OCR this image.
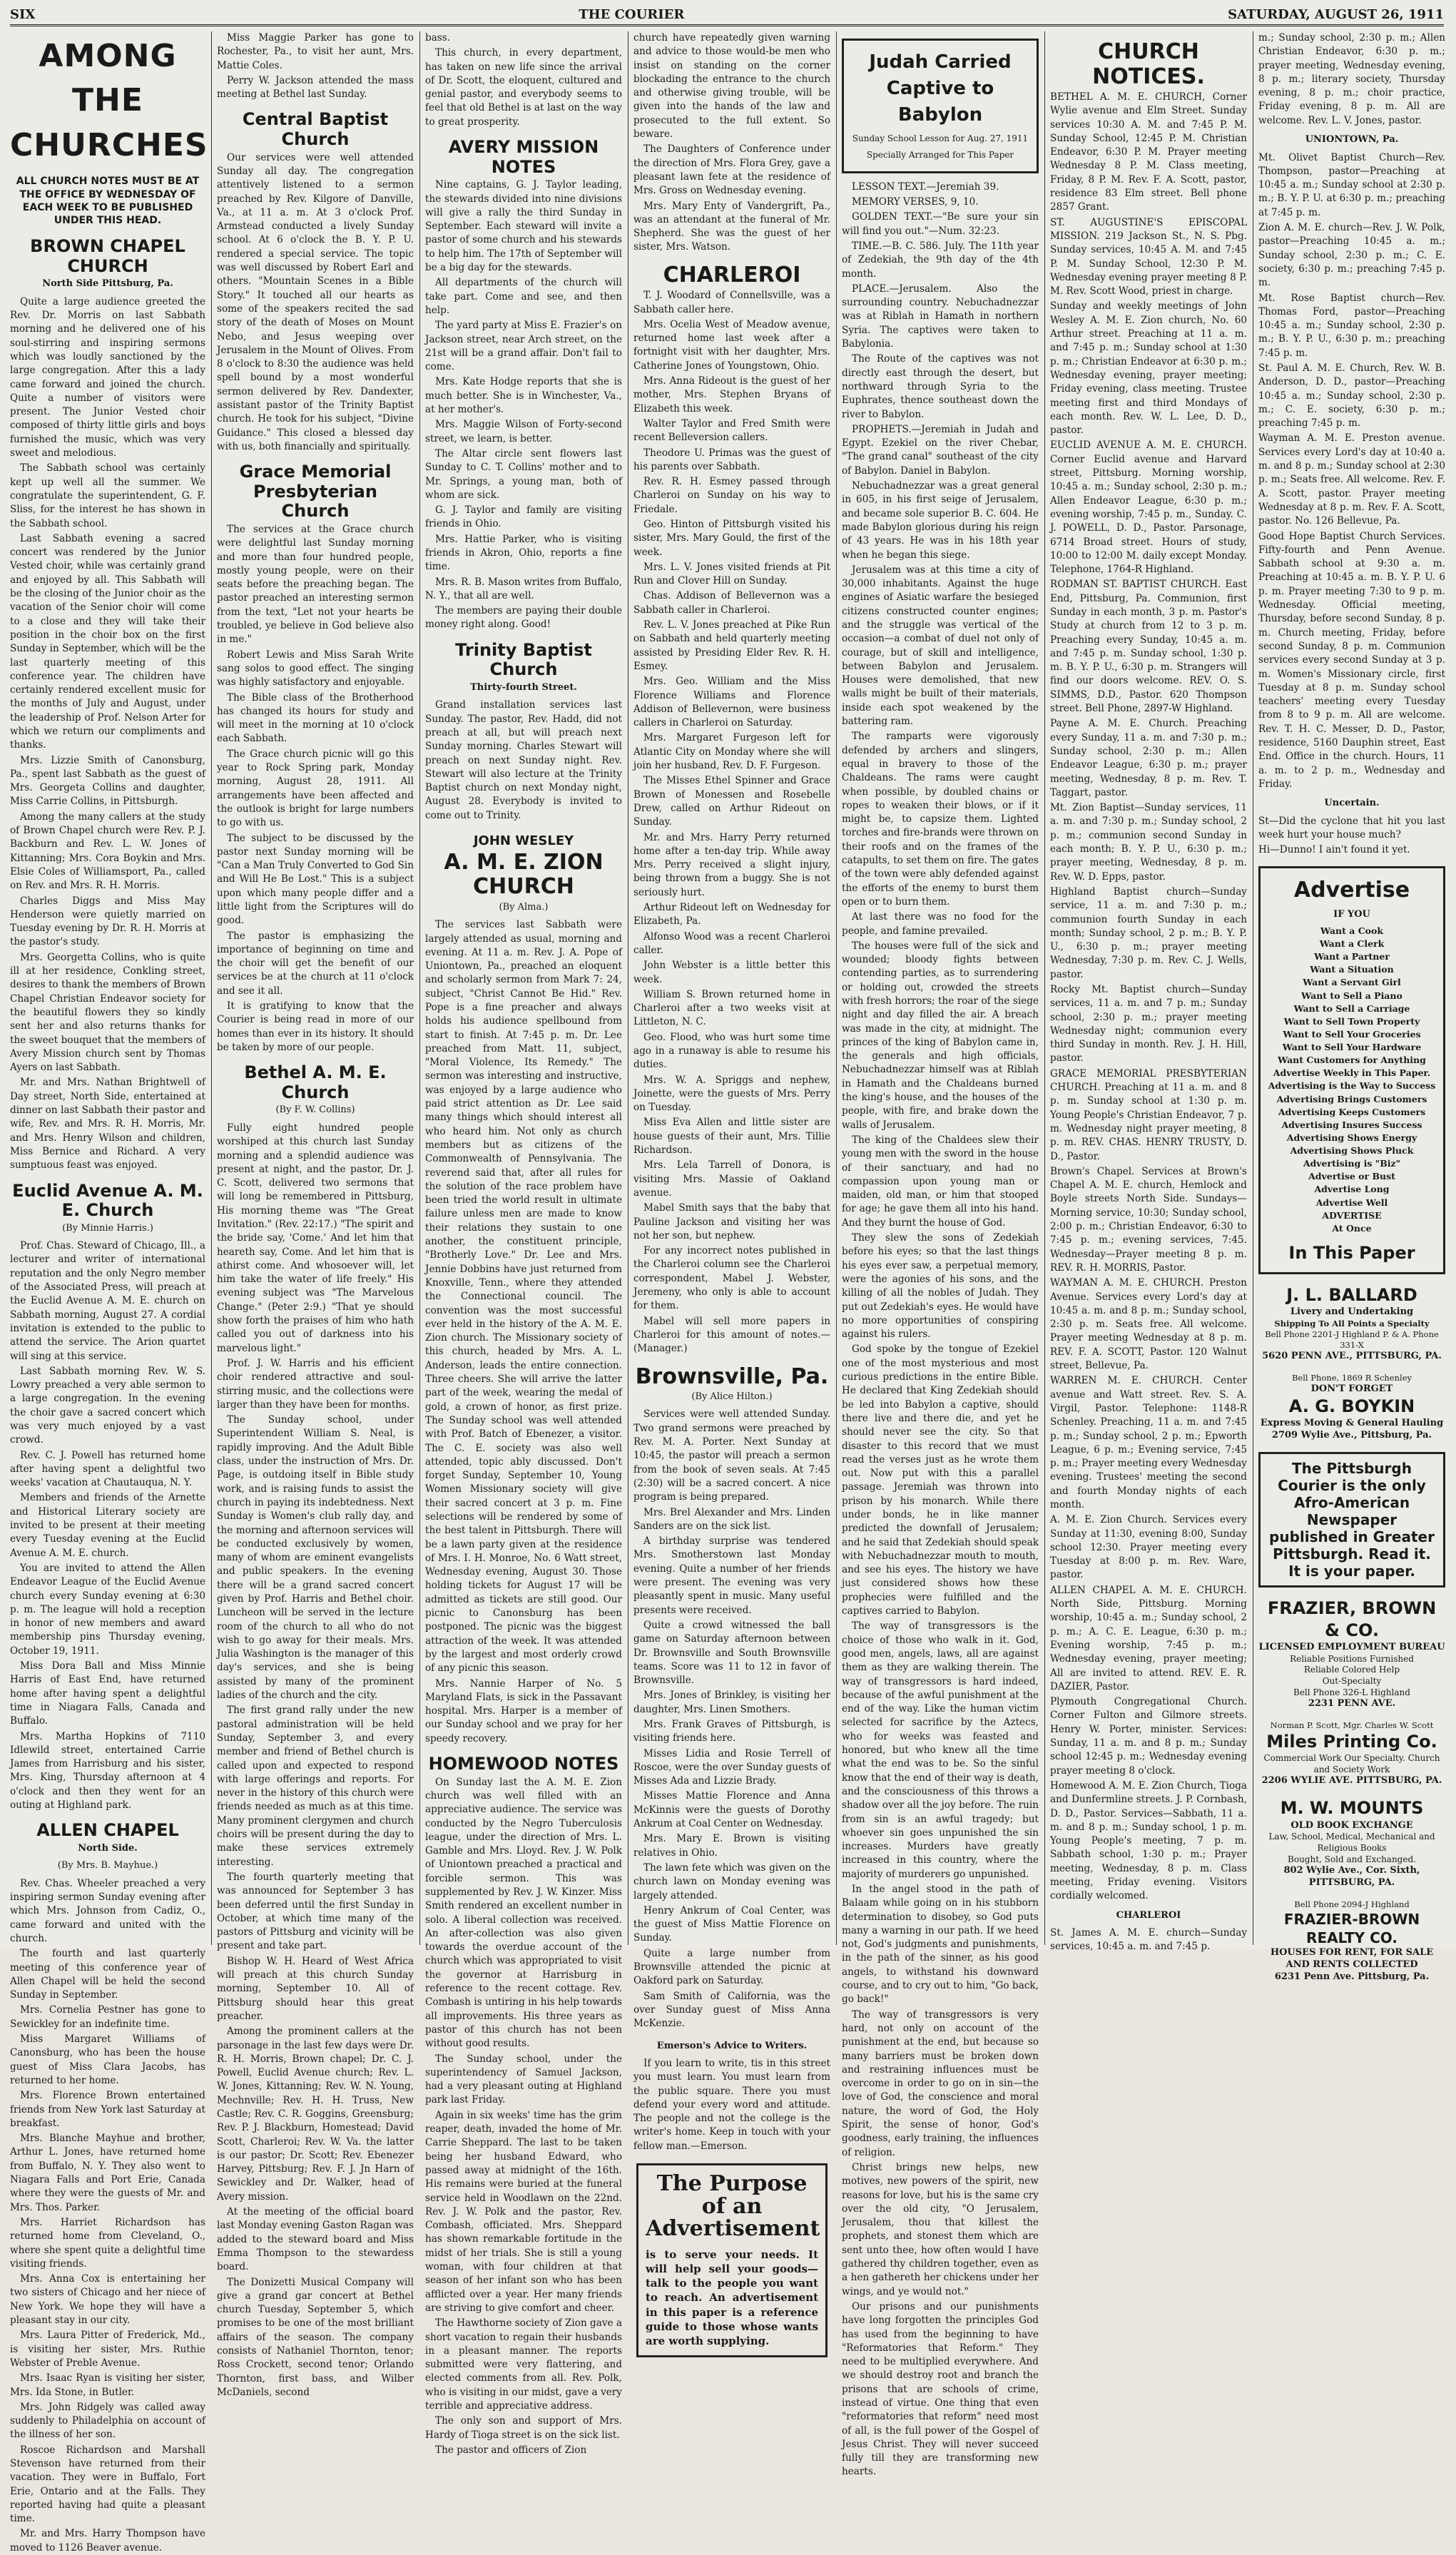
SIX	THE COURIER	SATURDAY, AUGUST 26, 1911
AMONG THE CHURCHES
ALL CHURCH NOTES MUST BE AT THE OFFICE BY WEDNESDAY OF EACH WEEK TO BE PUBLISHED UNDER THIS HEAD.
BROWN CHAPEL CHURCH
North Side Pittsburg, Pa.

Quite a large audience greeted the Rev. Dr. Morris on last Sabbath morning and he delivered one of his soul-stirring and inspiring sermons which was loudly sanctioned by the large congregation. After this a lady came forward and joined the church. Quite a number of visitors were present. The Junior Vested choir composed of thirty little girls and boys furnished the music, which was very sweet and melodious.

The Sabbath school was certainly kept up well all the summer. We congratulate the superintendent, G. F. Sliss, for the interest he has shown in the Sabbath school.

Last Sabbath evening a sacred concert was rendered by the Junior Vested choir, while was certainly grand and enjoyed by all. This Sabbath will be the closing of the Junior choir as the vacation of the Senior choir will come to a close and they will take their position in the choir box on the first Sunday in September, which will be the last quarterly meeting of this conference year. The children have certainly rendered excellent music for the months of July and August, under the leadership of Prof. Nelson Arter for which we return our compliments and thanks.

Mrs. Lizzie Smith of Canonsburg, Pa., spent last Sabbath as the guest of Mrs. Georgeta Collins and daughter, Miss Carrie Collins, in Pittsburgh.

Among the many callers at the study of Brown Chapel church were Rev. P. J. Backburn and Rev. L. W. Jones of Kittanning; Mrs. Cora Boykin and Mrs. Elsie Coles of Williamsport, Pa., called on Rev. and Mrs. R. H. Morris.

Charles Diggs and Miss May Henderson were quietly married on Tuesday evening by Dr. R. H. Morris at the pastor's study.

Mrs. Georgetta Collins, who is quite ill at her residence, Conkling street, desires to thank the members of Brown Chapel Christian Endeavor society for the beautiful flowers they so kindly sent her and also returns thanks for the sweet bouquet that the members of Avery Mission church sent by Thomas Ayers on last Sabbath.

Mr. and Mrs. Nathan Brightwell of Day street, North Side, entertained at dinner on last Sabbath their pastor and wife, Rev. and Mrs. R. H. Morris, Mr. and Mrs. Henry Wilson and children, Miss Bernice and Richard. A very sumptuous feast was enjoyed.

Euclid Avenue A. M. E. Church
(By Minnie Harris.)

Prof. Chas. Steward of Chicago, Ill., a lecturer and writer of international reputation and the only Negro member of the Associated Press, will preach at the Euclid Avenue A. M. E. church on Sabbath morning, August 27. A cordial invitation is extended to the public to attend the service. The Arion quartet will sing at this service.

Last Sabbath morning Rev. W. S. Lowry preached a very able sermon to a large congregation. In the evening the choir gave a sacred concert which was very much enjoyed by a vast crowd.

Rev. C. J. Powell has returned home after having spent a delightful two weeks' vacation at Chautauqua, N. Y.

Members and friends of the Arnette and Historical Literary society are invited to be present at their meeting every Tuesday evening at the Euclid Avenue A. M. E. church.

You are invited to attend the Allen Endeavor League of the Euclid Avenue church every Sunday evening at 6:30 p. m. The league will hold a reception in honor of new members and award membership pins Thursday evening, October 19, 1911.

Miss Dora Ball and Miss Minnie Harris of East End, have returned home after having spent a delightful time in Niagara Falls, Canada and Buffalo.

Mrs. Martha Hopkins of 7110 Idlewild street, entertained Carrie James from Harrisburg and his sister, Mrs. King, Thursday afternoon at 4 o'clock and then they went for an outing at Highland park.

ALLEN CHAPEL
North Side.
(By Mrs. B. Mayhue.)

Rev. Chas. Wheeler preached a very inspiring sermon Sunday evening after which Mrs. Johnson from Cadiz, O., came forward and united with the church.

The fourth and last quarterly meeting of this conference year of Allen Chapel will be held the second Sunday in September.

Mrs. Cornelia Pestner has gone to Sewickley for an indefinite time.

Miss Margaret Williams of Canonsburg, who has been the house guest of Miss Clara Jacobs, has returned to her home.

Mrs. Florence Brown entertained friends from New York last Saturday at breakfast.

Mrs. Blanche Mayhue and brother, Arthur L. Jones, have returned home from Buffalo, N. Y. They also went to Niagara Falls and Port Erie, Canada where they were the guests of Mr. and Mrs. Thos. Parker.

Mrs. Harriet Richardson has returned home from Cleveland, O., where she spent quite a delightful time visiting friends.

Mrs. Anna Cox is entertaining her two sisters of Chicago and her niece of New York. We hope they will have a pleasant stay in our city.

Mrs. Laura Pitter of Frederick, Md., is visiting her sister, Mrs. Ruthie Webster of Preble Avenue.

Mrs. Isaac Ryan is visiting her sister, Mrs. Ida Stone, in Butler.

Mrs. John Ridgely was called away suddenly to Philadelphia on account of the illness of her son.

Roscoe Richardson and Marshall Stevenson have returned from their vacation. They were in Buffalo, Fort Erie, Ontario and at the Falls. They reported having had quite a pleasant time.

Mr. and Mrs. Harry Thompson have moved to 1126 Beaver avenue.

Miss Maggie Parker has gone to Rochester, Pa., to visit her aunt, Mrs. Mattie Coles.

Perry W. Jackson attended the mass meeting at Bethel last Sunday.

Central Baptist Church

Our services were well attended Sunday all day. The congregation attentively listened to a sermon preached by Rev. Kilgore of Danville, Va., at 11 a. m. At 3 o'clock Prof. Armstead conducted a lively Sunday school. At 6 o'clock the B. Y. P. U. rendered a special service. The topic was well discussed by Robert Earl and others. "Mountain Scenes in a Bible Story." It touched all our hearts as some of the speakers recited the sad story of the death of Moses on Mount Nebo, and Jesus weeping over Jerusalem in the Mount of Olives. From 8 o'clock to 8:30 the audience was held spell bound by a most wonderful sermon delivered by Rev. Dandexter, assistant pastor of the Trinity Baptist church. He took for his subject, "Divine Guidance." This closed a blessed day with us, both financially and spiritually.

Grace Memorial Presbyterian Church

The services at the Grace church were delightful last Sunday morning and more than four hundred people, mostly young people, were on their seats before the preaching began. The pastor preached an interesting sermon from the text, "Let not your hearts be troubled, ye believe in God believe also in me."

Robert Lewis and Miss Sarah Write sang solos to good effect. The singing was highly satisfactory and enjoyable.

The Bible class of the Brotherhood has changed its hours for study and will meet in the morning at 10 o'clock each Sabbath.

The Grace church picnic will go this year to Rock Spring park, Monday morning, August 28, 1911. All arrangements have been affected and the outlook is bright for large numbers to go with us.

The subject to be discussed by the pastor next Sunday morning will be "Can a Man Truly Converted to God Sin and Will He Be Lost." This is a subject upon which many people differ and a little light from the Scriptures will do good.

The pastor is emphasizing the importance of beginning on time and the choir will get the benefit of our services be at the church at 11 o'clock and see it all.

It is gratifying to know that the Courier is being read in more of our homes than ever in its history. It should be taken by more of our people.

Bethel A. M. E. Church
(By F. W. Collins)

Fully eight hundred people worshiped at this church last Sunday morning and a splendid audience was present at night, and the pastor, Dr. J. C. Scott, delivered two sermons that will long be remembered in Pittsburg, His morning theme was "The Great Invitation." (Rev. 22:17.) "The spirit and the bride say, 'Come.' And let him that heareth say, Come. And let him that is athirst come. And whosoever will, let him take the water of life freely." His evening subject was "The Marvelous Change." (Peter 2:9.) "That ye should show forth the praises of him who hath called you out of darkness into his marvelous light."

Prof. J. W. Harris and his efficient choir rendered attractive and soul-stirring music, and the collections were larger than they have been for months.

The Sunday school, under Superintendent William S. Neal, is rapidly improving. And the Adult Bible class, under the instruction of Mrs. Dr. Page, is outdoing itself in Bible study work, and is raising funds to assist the church in paying its indebtedness. Next Sunday is Women's club rally day, and the morning and afternoon services will be conducted exclusively by women, many of whom are eminent evangelists and public speakers. In the evening there will be a grand sacred concert given by Prof. Harris and Bethel choir. Luncheon will be served in the lecture room of the church to all who do not wish to go away for their meals. Mrs. Julia Washington is the manager of this day's services, and she is being assisted by many of the prominent ladies of the church and the city.

The first grand rally under the new pastoral administration will be held Sunday, September 3, and every member and friend of Bethel church is called upon and expected to respond with large offerings and reports. For never in the history of this church were friends needed as much as at this time. Many prominent clergymen and church choirs will be present during the day to make these services extremely interesting.

The fourth quarterly meeting that was announced for September 3 has been deferred until the first Sunday in October, at which time many of the pastors of Pittsburg and vicinity will be present and take part.

Bishop W. H. Heard of West Africa will preach at this church Sunday morning, September 10. All of Pittsburg should hear this great preacher.

Among the prominent callers at the parsonage in the last few days were Dr. R. H. Morris, Brown chapel; Dr. C. J. Powell, Euclid Avenue church; Rev. L. W. Jones, Kittanning; Rev. W. N. Young, Mechnville; Rev. H. H. Truss, New Castle; Rev. C. R. Goggins, Greensburg; Rev. P. J. Blackburn, Homestead; David Scott, Charleroi; Rev. W. Va. the latter is our pastor; Dr. Scott; Rev. Ebenezer Harvey, Pittsburg; Rev. F. J. Jn Harn of Sewickley and Dr. Walker, head of Avery mission.

At the meeting of the official board last Monday evening Gaston Ragan was added to the steward board and Miss Emma Thompson to the stewardess board.

The Donizetti Musical Company will give a grand gar concert at Bethel church Tuesday, September 5, which promises to be one of the most brilliant affairs of the season. The company consists of Nathaniel Thornton, tenor; Ross Crockett, second tenor; Orlando Thornton, first bass, and Wilber McDaniels, second

bass.

This church, in every department, has taken on new life since the arrival of Dr. Scott, the eloquent, cultured and genial pastor, and everybody seems to feel that old Bethel is at last on the way to great prosperity.

AVERY MISSION NOTES

Nine captains, G. J. Taylor leading, the stewards divided into nine divisions will give a rally the third Sunday in September. Each steward will invite a pastor of some church and his stewards to help him. The 17th of September will be a big day for the stewards.

All departments of the church will take part. Come and see, and then help.

The yard party at Miss E. Frazier's on Jackson street, near Arch street, on the 21st will be a grand affair. Don't fail to come.

Mrs. Kate Hodge reports that she is much better. She is in Winchester, Va., at her mother's.

Mrs. Maggie Wilson of Forty-second street, we learn, is better.

The Altar circle sent flowers last Sunday to C. T. Collins' mother and to Mr. Springs, a young man, both of whom are sick.

G. J. Taylor and family are visiting friends in Ohio.

Mrs. Hattie Parker, who is visiting friends in Akron, Ohio, reports a fine time.

Mrs. R. B. Mason writes from Buffalo, N. Y., that all are well.

The members are paying their double money right along. Good!

Trinity Baptist Church
Thirty-fourth Street.

Grand installation services last Sunday. The pastor, Rev. Hadd, did not preach at all, but will preach next Sunday morning. Charles Stewart will preach on next Sunday night. Rev. Stewart will also lecture at the Trinity Baptist church on next Monday night, August 28. Everybody is invited to come out to Trinity.

JOHN WESLEY
A. M. E. ZION CHURCH
(By Alma.)

The services last Sabbath were largely attended as usual, morning and evening. At 11 a. m. Rev. J. A. Pope of Uniontown, Pa., preached an eloquent and scholarly sermon from Mark 7: 24, subject, "Christ Cannot Be Hid." Rev. Pope is a fine preacher and always holds his audience spellbound from start to finish. At 7:45 p. m. Dr. Lee preached from Matt. 11, subject, "Moral Violence, Its Remedy." The sermon was interesting and instructive, was enjoyed by a large audience who paid strict attention as Dr. Lee said many things which should interest all who heard him. Not only as church members but as citizens of the Commonwealth of Pennsylvania. The reverend said that, after all rules for the solution of the race problem have been tried the world result in ultimate failure unless men are made to know their relations they sustain to one another, the constituent principle, "Brotherly Love." Dr. Lee and Mrs. Jennie Dobbins have just returned from Knoxville, Tenn., where they attended the Connectional council. The convention was the most successful ever held in the history of the A. M. E. Zion church. The Missionary society of this church, headed by Mrs. A. L. Anderson, leads the entire connection. Three cheers. She will arrive the latter part of the week, wearing the medal of gold, a crown of honor, as first prize. The Sunday school was well attended with Prof. Batch of Ebenezer, a visitor. The C. E. society was also well attended, topic ably discussed. Don't forget Sunday, September 10, Young Women Missionary society will give their sacred concert at 3 p. m. Fine selections will be rendered by some of the best talent in Pittsburgh. There will be a lawn party given at the residence of Mrs. I. H. Monroe, No. 6 Watt street, Wednesday evening, August 30. Those holding tickets for August 17 will be admitted as tickets are still good. Our picnic to Canonsburg has been postponed. The picnic was the biggest attraction of the week. It was attended by the largest and most orderly crowd of any picnic this season.

Mrs. Nannie Harper of No. 5 Maryland Flats, is sick in the Passavant hospital. Mrs. Harper is a member of our Sunday school and we pray for her speedy recovery.

HOMEWOOD NOTES

On Sunday last the A. M. E. Zion church was well filled with an appreciative audience. The service was conducted by the Negro Tuberculosis league, under the direction of Mrs. L. Gamble and Mrs. Lloyd. Rev. J. W. Polk of Uniontown preached a practical and forcible sermon. This was supplemented by Rev. J. W. Kinzer. Miss Smith rendered an excellent number in solo. A liberal collection was received. An after-collection was also given towards the overdue account of the church which was appropriated to visit the governor at Harrisburg in reference to the recent cottage. Rev. Combash is untiring in his help towards all improvements. His three years as pastor of this church has not been without good results.

The Sunday school, under the superintendency of Samuel Jackson, had a very pleasant outing at Highland park last Friday.

Again in six weeks' time has the grim reaper, death, invaded the home of Mr. Carrie Sheppard. The last to be taken being her husband Edward, who passed away at midnight of the 16th. His remains were buried at the funeral service held in Woodlawn on the 22nd. Rev. J. W. Polk and the pastor, Rev. Combash, officiated. Mrs. Sheppard has shown remarkable fortitude in the midst of her trials. She is still a young woman, with four children at that season of her infant son who has been afflicted over a year. Her many friends are striving to give comfort and cheer.

The Hawthorne society of Zion gave a short vacation to regain their husbands in a pleasant manner. The reports submitted were very flattering, and elected comments from all. Rev. Polk, who is visiting in our midst, gave a very terrible and appreciative address.

The only son and support of Mrs. Hardy of Tioga street is on the sick list.

The pastor and officers of Zion

church have repeatedly given warning and advice to those would-be men who insist on standing on the corner blockading the entrance to the church and otherwise giving trouble, will be given into the hands of the law and prosecuted to the full extent. So beware.

The Daughters of Conference under the direction of Mrs. Flora Grey, gave a pleasant lawn fete at the residence of Mrs. Gross on Wednesday evening.

Mrs. Mary Enty of Vandergrift, Pa., was an attendant at the funeral of Mr. Shepherd. She was the guest of her sister, Mrs. Watson.

CHARLEROI

T. J. Woodard of Connellsville, was a Sabbath caller here.

Mrs. Ocelia West of Meadow avenue, returned home last week after a fortnight visit with her daughter, Mrs. Catherine Jones of Youngstown, Ohio.

Mrs. Anna Rideout is the guest of her mother, Mrs. Stephen Bryans of Elizabeth this week.

Walter Taylor and Fred Smith were recent Belleversion callers.

Theodore U. Primas was the guest of his parents over Sabbath.

Rev. R. H. Esmey passed through Charleroi on Sunday on his way to Friedale.

Geo. Hinton of Pittsburgh visited his sister, Mrs. Mary Gould, the first of the week.

Mrs. L. V. Jones visited friends at Pit Run and Clover Hill on Sunday.

Chas. Addison of Bellevernon was a Sabbath caller in Charleroi.

Rev. L. V. Jones preached at Pike Run on Sabbath and held quarterly meeting assisted by Presiding Elder Rev. R. H. Esmey.

Mrs. Geo. William and the Miss Florence Williams and Florence Addison of Bellevernon, were business callers in Charleroi on Saturday.

Mrs. Margaret Furgeson left for Atlantic City on Monday where she will join her husband, Rev. D. F. Furgeson.

The Misses Ethel Spinner and Grace Brown of Monessen and Rosebelle Drew, called on Arthur Rideout on Sunday.

Mr. and Mrs. Harry Perry returned home after a ten-day trip. While away Mrs. Perry received a slight injury, being thrown from a buggy. She is not seriously hurt.

Arthur Rideout left on Wednesday for Elizabeth, Pa.

Alfonso Wood was a recent Charleroi caller.

John Webster is a little better this week.

William S. Brown returned home in Charleroi after a two weeks visit at Littleton, N. C.

Geo. Flood, who was hurt some time ago in a runaway is able to resume his duties.

Mrs. W. A. Spriggs and nephew, Joinette, were the guests of Mrs. Perry on Tuesday.

Miss Eva Allen and little sister are house guests of their aunt, Mrs. Tillie Richardson.

Mrs. Lela Tarrell of Donora, is visiting Mrs. Massie of Oakland avenue.

Mabel Smith says that the baby that Pauline Jackson and visiting her was not her son, but nephew.

For any incorrect notes published in the Charleroi column see the Charleroi correspondent, Mabel J. Webster, Jeremeny, who only is able to account for them.

Mabel will sell more papers in Charleroi for this amount of notes.—(Manager.)

Brownsville, Pa.
(By Alice Hilton.)

Services were well attended Sunday. Two grand sermons were preached by Rev. M. A. Porter. Next Sunday at 10:45, the pastor will preach a sermon from the book of seven seals. At 7:45 (2:30) will be a sacred concert. A nice program is being prepared.

Mrs. Brel Alexander and Mrs. Linden Sanders are on the sick list.

A birthday surprise was tendered Mrs. Smotherstown last Monday evening. Quite a number of her friends were present. The evening was very pleasantly spent in music. Many useful presents were received.

Quite a crowd witnessed the ball game on Saturday afternoon between Dr. Brownsville and South Brownsville teams. Score was 11 to 12 in favor of Brownsville.

Mrs. Jones of Brinkley, is visiting her daughter, Mrs. Linen Smothers.

Mrs. Frank Graves of Pittsburgh, is visiting friends here.

Misses Lidia and Rosie Terrell of Roscoe, were the over Sunday guests of Misses Ada and Lizzie Brady.

Misses Mattie Florence and Anna McKinnis were the guests of Dorothy Ankrum at Coal Center on Wednesday.

Mrs. Mary E. Brown is visiting relatives in Ohio.

The lawn fete which was given on the church lawn on Monday evening was largely attended.

Henry Ankrum of Coal Center, was the guest of Miss Mattie Florence on Sunday.

Quite a large number from Brownsville attended the picnic at Oakford park on Saturday.

Sam Smith of California, was the over Sunday guest of Miss Anna McKenzie.

Emerson's Advice to Writers.

If you learn to write, tis in this street you must learn. You must learn from the public square. There you must defend your every word and attitude. The people and not the college is the writer's home. Keep in touch with your fellow man.—Emerson.

The Purpose of an Advertisement
is to serve your needs. It will help sell your goods—talk to the people you want to reach. An advertisement in this paper is a reference guide to those whose wants are worth supplying.
Judah Carried Captive to Babylon
Sunday School Lesson for Aug. 27, 1911
Specially Arranged for This Paper

LESSON TEXT.—Jeremiah 39.

MEMORY VERSES, 9, 10.

GOLDEN TEXT.—"Be sure your sin will find you out."—Num. 32:23.

TIME.—B. C. 586. July. The 11th year of Zedekiah, the 9th day of the 4th month.

PLACE.—Jerusalem. Also the surrounding country. Nebuchadnezzar was at Riblah in Hamath in northern Syria. The captives were taken to Babylonia.

The Route of the captives was not directly east through the desert, but northward through Syria to the Euphrates, thence southeast down the river to Babylon.

PROPHETS.—Jeremiah in Judah and Egypt. Ezekiel on the river Chebar, "The grand canal" southeast of the city of Babylon. Daniel in Babylon.

Nebuchadnezzar was a great general in 605, in his first seige of Jerusalem, and became sole superior B. C. 604. He made Babylon glorious during his reign of 43 years. He was in his 18th year when he began this siege.

Jerusalem was at this time a city of 30,000 inhabitants. Against the huge engines of Asiatic warfare the besieged citizens constructed counter engines; and the struggle was vertical of the occasion—a combat of duel not only of courage, but of skill and intelligence, between Babylon and Jerusalem. Houses were demolished, that new walls might be built of their materials, inside each spot weakened by the battering ram.

The ramparts were vigorously defended by archers and slingers, equal in bravery to those of the Chaldeans. The rams were caught when possible, by doubled chains or ropes to weaken their blows, or if it might be, to capsize them. Lighted torches and fire-brands were thrown on their roofs and on the frames of the catapults, to set them on fire. The gates of the town were ably defended against the efforts of the enemy to burst them open or to burn them.

At last there was no food for the people, and famine prevailed.

The houses were full of the sick and wounded; bloody fights between contending parties, as to surrendering or holding out, crowded the streets with fresh horrors; the roar of the siege night and day filled the air. A breach was made in the city, at midnight. The princes of the king of Babylon came in, the generals and high officials, Nebuchadnezzar himself was at Riblah in Hamath and the Chaldeans burned the king's house, and the houses of the people, with fire, and brake down the walls of Jerusalem.

The king of the Chaldees slew their young men with the sword in the house of their sanctuary, and had no compassion upon young man or maiden, old man, or him that stooped for age; he gave them all into his hand. And they burnt the house of God.

They slew the sons of Zedekiah before his eyes; so that the last things his eyes ever saw, a perpetual memory, were the agonies of his sons, and the killing of all the nobles of Judah. They put out Zedekiah's eyes. He would have no more opportunities of conspiring against his rulers.

God spoke by the tongue of Ezekiel one of the most mysterious and most curious predictions in the entire Bible. He declared that King Zedekiah should be led into Babylon a captive, should there live and there die, and yet he should never see the city. So that disaster to this record that we must read the verses just as he wrote them out. Now put with this a parallel passage. Jeremiah was thrown into prison by his monarch. While there under bonds, he in like manner predicted the downfall of Jerusalem; and he said that Zedekiah should speak with Nebuchadnezzar mouth to mouth, and see his eyes. The history we have just considered shows how these prophecies were fulfilled and the captives carried to Babylon.

The way of transgressors is the choice of those who walk in it. God, good men, angels, laws, all are against them as they are walking therein. The way of transgressors is hard indeed, because of the awful punishment at the end of the way. Like the human victim selected for sacrifice by the Aztecs, who for weeks was feasted and honored, but who knew all the time what the end was to be. So the sinful know that the end of their way is death, and the consciousness of this throws a shadow over all the joy before. The ruin from sin is an awful tragedy; but whoever sin goes unpunished the sin increases. Murders have greatly increased in this country, where the majority of murderers go unpunished.

In the angel stood in the path of Balaam while going on in his stubborn determination to disobey, so God puts many a warning in our path. If we heed not, God's judgments and punishments, in the path of the sinner, as his good angels, to withstand his downward course, and to cry out to him, "Go back, go back!"

The way of transgressors is very hard, not only on account of the punishment at the end, but because so many barriers must be broken down and restraining influences must be overcome in order to go on in sin—the love of God, the conscience and moral nature, the word of God, the Holy Spirit, the sense of honor, God's goodness, early training, the influences of religion.

Christ brings new helps, new motives, new powers of the spirit, new reasons for love, but his is the same cry over the old city, "O Jerusalem, Jerusalem, thou that killest the prophets, and stonest them which are sent unto thee, how often would I have gathered thy children together, even as a hen gathereth her chickens under her wings, and ye would not."

Our prisons and our punishments have long forgotten the principles God has used from the beginning to have "Reformatories that Reform." They need to be multiplied everywhere. And we should destroy root and branch the prisons that are schools of crime, instead of virtue. One thing that even "reformatories that reform" need most of all, is the full power of the Gospel of Jesus Christ. They will never succeed fully till they are transforming new hearts.

CHURCH NOTICES.

BETHEL A. M. E. CHURCH, Corner Wylie avenue and Elm Street. Sunday services 10:30 A. M. and 7:45 P. M. Sunday School, 12:45 P. M. Christian Endeavor, 6:30 P. M. Prayer meeting Wednesday 8 P. M. Class meeting, Friday, 8 P. M. Rev. F. A. Scott, pastor, residence 83 Elm street. Bell phone 2857 Grant.

ST. AUGUSTINE'S EPISCOPAL MISSION. 219 Jackson St., N. S. Pbg. Sunday services, 10:45 A. M. and 7:45 P. M. Sunday School, 12:30 P. M. Wednesday evening prayer meeting 8 P. M. Rev. Scott Wood, priest in charge.

Sunday and weekly meetings of John Wesley A. M. E. Zion church, No. 60 Arthur street. Preaching at 11 a. m. and 7:45 p. m.; Sunday school at 1:30 p. m.; Christian Endeavor at 6:30 p. m.; Wednesday evening, prayer meeting; Friday evening, class meeting. Trustee meeting first and third Mondays of each month. Rev. W. L. Lee, D. D., pastor.

EUCLID AVENUE A. M. E. CHURCH. Corner Euclid avenue and Harvard street, Pittsburg. Morning worship, 10:45 a. m.; Sunday school, 2:30 p. m.; Allen Endeavor League, 6:30 p. m.; evening worship, 7:45 p. m., Sunday. C. J. POWELL, D. D., Pastor. Parsonage, 6714 Broad street. Hours of study, 10:00 to 12:00 M. daily except Monday. Telephone, 1764-R Highland.

RODMAN ST. BAPTIST CHURCH. East End, Pittsburg, Pa. Communion, first Sunday in each month, 3 p. m. Pastor's Study at church from 12 to 3 p. m. Preaching every Sunday, 10:45 a. m. and 7:45 p. m. Sunday school, 1:30 p. m. B. Y. P. U., 6:30 p. m. Strangers will find our doors welcome. REV. O. S. SIMMS, D.D., Pastor. 620 Thompson street. Bell Phone, 2897-W Highland.

Payne A. M. E. Church. Preaching every Sunday, 11 a. m. and 7:30 p. m.; Sunday school, 2:30 p. m.; Allen Endeavor League, 6:30 p. m.; prayer meeting, Wednesday, 8 p. m. Rev. T. Taggart, pastor.

Mt. Zion Baptist—Sunday services, 11 a. m. and 7:30 p. m.; Sunday school, 2 p. m.; communion second Sunday in each month; B. Y. P. U., 6:30 p. m.; prayer meeting, Wednesday, 8 p. m. Rev. W. D. Epps, pastor.

Highland Baptist church—Sunday service, 11 a. m. and 7:30 p. m.; communion fourth Sunday in each month; Sunday school, 2 p. m.; B. Y. P. U., 6:30 p. m.; prayer meeting Wednesday, 7:30 p. m. Rev. C. J. Wells, pastor.

Rocky Mt. Baptist church—Sunday services, 11 a. m. and 7 p. m.; Sunday school, 2:30 p. m.; prayer meeting Wednesday night; communion every third Sunday in month. Rev. J. H. Hill, pastor.

GRACE MEMORIAL PRESBYTERIAN CHURCH. Preaching at 11 a. m. and 8 p. m. Sunday school at 1:30 p. m. Young People's Christian Endeavor, 7 p. m. Wednesday night prayer meeting, 8 p. m. REV. CHAS. HENRY TRUSTY, D. D., Pastor.

Brown's Chapel. Services at Brown's Chapel A. M. E. church, Hemlock and Boyle streets North Side. Sundays—Morning service, 10:30; Sunday school, 2:00 p. m.; Christian Endeavor, 6:30 to 7:45 p. m.; evening services, 7:45. Wednesday—Prayer meeting 8 p. m. REV. R. H. MORRIS, Pastor.

WAYMAN A. M. E. CHURCH. Preston Avenue. Services every Lord's day at 10:45 a. m. and 8 p. m.; Sunday school, 2:30 p. m. Seats free. All welcome. Prayer meeting Wednesday at 8 p. m. REV. F. A. SCOTT, Pastor. 120 Walnut street, Bellevue, Pa.

WARREN M. E. CHURCH. Center avenue and Watt street. Rev. S. A. Virgil, Pastor. Telephone: 1148-R Schenley. Preaching, 11 a. m. and 7:45 p. m.; Sunday school, 2 p. m.; Epworth League, 6 p. m.; Evening service, 7:45 p. m.; Prayer meeting every Wednesday evening. Trustees' meeting the second and fourth Monday nights of each month.

A. M. E. Zion Church. Services every Sunday at 11:30, evening 8:00, Sunday school 12:30. Prayer meeting every Tuesday at 8:00 p. m. Rev. Ware, pastor.

ALLEN CHAPEL A. M. E. CHURCH. North Side, Pittsburg. Morning worship, 10:45 a. m.; Sunday school, 2 p. m.; A. C. E. League, 6:30 p. m.; Evening worship, 7:45 p. m.; Wednesday evening, prayer meeting; All are invited to attend. REV. E. R. DAZIER, Pastor.

Plymouth Congregational Church. Corner Fulton and Gilmore streets. Henry W. Porter, minister. Services: Sunday, 11 a. m. and 8 p. m.; Sunday school 12:45 p. m.; Wednesday evening prayer meeting 8 o'clock.

Homewood A. M. E. Zion Church, Tioga and Dunfermline streets. J. P. Cornbash, D. D., Pastor. Services—Sabbath, 11 a. m. and 8 p. m.; Sunday school, 1 p. m. Young People's meeting, 7 p. m. Sabbath school, 1:30 p. m.; Prayer meeting, Wednesday, 8 p. m. Class meeting, Friday evening. Visitors cordially welcomed.

CHARLEROI

St. James A. M. E. church—Sunday services, 10:45 a. m. and 7:45 p.

m.; Sunday school, 2:30 p. m.; Allen Christian Endeavor, 6:30 p. m.; prayer meeting, Wednesday evening, 8 p. m.; literary society, Thursday evening, 8 p. m.; choir practice, Friday evening, 8 p. m. All are welcome. Rev. L. V. Jones, pastor.

UNIONTOWN, Pa.

Mt. Olivet Baptist Church—Rev. Thompson, pastor—Preaching at 10:45 a. m.; Sunday school at 2:30 p. m.; B. Y. P. U. at 6:30 p. m.; preaching at 7:45 p. m.

Zion A. M. E. church—Rev. J. W. Polk, pastor—Preaching 10:45 a. m.; Sunday school, 2:30 p. m.; C. E. society, 6:30 p. m.; preaching 7:45 p. m.

Mt. Rose Baptist church—Rev. Thomas Ford, pastor—Preaching 10:45 a. m.; Sunday school, 2:30 p. m.; B. Y. P. U., 6:30 p. m.; preaching 7:45 p. m.

St. Paul A. M. E. Church, Rev. W. B. Anderson, D. D., pastor—Preaching 10:45 a. m.; Sunday school, 2:30 p. m.; C. E. society, 6:30 p. m.; preaching 7:45 p. m.

Wayman A. M. E. Preston avenue. Services every Lord's day at 10:40 a. m. and 8 p. m.; Sunday school at 2:30 p. m.; Seats free. All welcome. Rev. F. A. Scott, pastor. Prayer meeting Wednesday at 8 p. m. Rev. F. A. Scott, pastor. No. 126 Bellevue, Pa.

Good Hope Baptist Church Services. Fifty-fourth and Penn Avenue. Sabbath school at 9:30 a. m. Preaching at 10:45 a. m. B. Y. P. U. 6 p. m. Prayer meeting 7:30 to 9 p. m. Wednesday. Official meeting, Thursday, before second Sunday, 8 p. m. Church meeting, Friday, before second Sunday, 8 p. m. Communion services every second Sunday at 3 p. m. Women's Missionary circle, first Tuesday at 8 p. m. Sunday school teachers' meeting every Tuesday from 8 to 9 p. m. All are welcome. Rev. T. H. C. Messer, D. D., Pastor, residence, 5160 Dauphin street, East End. Office in the church. Hours, 11 a. m. to 2 p. m., Wednesday and Friday.

Uncertain.

St—Did the cyclone that hit you last week hurt your house much?

Hi—Dunno! I ain't found it yet.

Advertise
IF YOU
Want a Cook
Want a Clerk
Want a Partner
Want a Situation
Want a Servant Girl
Want to Sell a Piano
Want to Sell a Carriage
Want to Sell Town Property
Want to Sell Your Groceries
Want to Sell Your Hardware
Want Customers for Anything
Advertise Weekly in This Paper.
Advertising is the Way to Success
Advertising Brings Customers
Advertising Keeps Customers
Advertising Insures Success
Advertising Shows Energy
Advertising Shows Pluck
Advertising is "Biz"
Advertise or Bust
Advertise Long
Advertise Well
ADVERTISE
At Once
In This Paper
J. L. BALLARD
Livery and Undertaking
Shipping To All Points a Specialty
Bell Phone 2201-J Highland P. & A. Phone 331-X
5620 PENN AVE., PITTSBURG, PA.
Bell Phone, 1869 R Schenley
DON'T FORGET
A. G. BOYKIN
Express Moving & General Hauling
2709 Wylie Ave., Pittsburg, Pa.
The Pittsburgh Courier is the only Afro-American Newspaper published in Greater Pittsburgh. Read it. It is your paper.
FRAZIER, BROWN & CO.
LICENSED EMPLOYMENT BUREAU
Reliable Positions Furnished
Reliable Colored Help
Out-Specialty
Bell Phone 326-L Highland
2231 PENN AVE.
Norman P. Scott, Mgr. Charles W. Scott
Miles Printing Co.
Commercial Work Our Specialty. Church and Society Work
2206 WYLIE AVE. PITTSBURG, PA.
M. W. MOUNTS
OLD BOOK EXCHANGE
Law, School, Medical, Mechanical and Religious Books
Bought, Sold and Exchanged.
802 Wylie Ave., Cor. Sixth, PITTSBURG, PA.
Bell Phone 2094-J Highland
FRAZIER-BROWN REALTY CO.
HOUSES FOR RENT, FOR SALE AND RENTS COLLECTED
6231 Penn Ave. Pittsburg, Pa.
